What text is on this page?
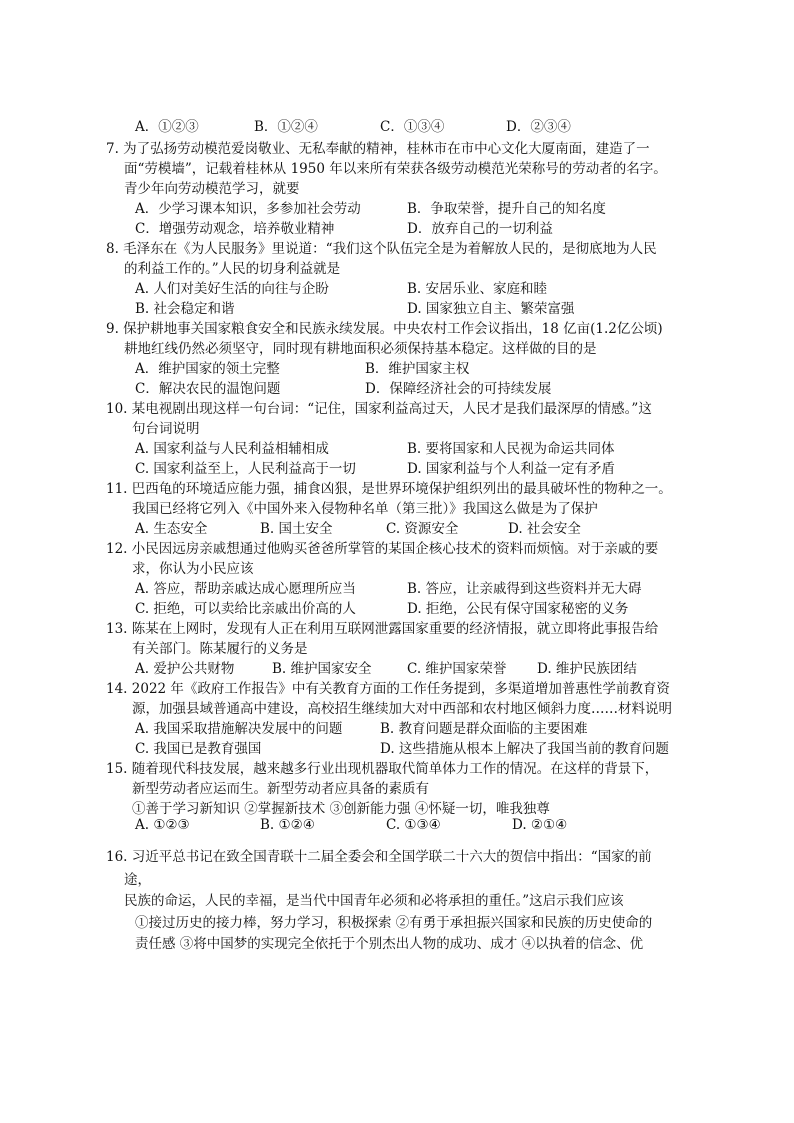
A．①②③	B．①②④	C．①③④	D．②③④
7. 为了弘扬劳动模范爱岗敬业、无私奉献的精神，桂林市在市中心文化大厦南面，建造了一
面“劳模墙”，记载着桂林从 1950 年以来所有荣获各级劳动模范光荣称号的劳动者的名字。
青少年向劳动模范学习，就要
A．少学习课本知识，多参加社会劳动	B．争取荣誉，提升自己的知名度
C．增强劳动观念，培养敬业精神	D．放弃自己的一切利益
8. 毛泽东在《为人民服务》里说道：“我们这个队伍完全是为着解放人民的，是彻底地为人民
的利益工作的。”人民的切身利益就是
A. 人们对美好生活的向往与企盼	B. 安居乐业、家庭和睦
B. 社会稳定和谐	D. 国家独立自主、繁荣富强
9. 保护耕地事关国家粮食安全和民族永续发展。中央农村工作会议指出，18 亿亩(1.2亿公顷)
耕地红线仍然必须坚守，同时现有耕地面积必须保持基本稳定。这样做的目的是
A．维护国家的领土完整	B．维护国家主权
C．解决农民的温饱问题	D．保障经济社会的可持续发展
10. 某电视剧出现这样一句台词：“记住，国家利益高过天，人民才是我们最深厚的情感。”这
句台词说明
A. 国家利益与人民利益相辅相成	B. 要将国家和人民视为命运共同体
C. 国家利益至上，人民利益高于一切	D. 国家利益与个人利益一定有矛盾
11. 巴西龟的环境适应能力强，捕食凶狠，是世界环境保护组织列出的最具破坏性的物种之一。
我国已经将它列入《中国外来入侵物种名单（第三批）》我国这么做是为了保护
A. 生态安全	B. 国土安全	C. 资源安全	D. 社会安全
12. 小民因远房亲戚想通过他购买爸爸所掌管的某国企核心技术的资料而烦恼。对于亲戚的要
求，你认为小民应该
A. 答应，帮助亲戚达成心愿理所应当	B. 答应，让亲戚得到这些资料并无大碍
C. 拒绝，可以卖给比亲戚出价高的人	D. 拒绝，公民有保守国家秘密的义务
13. 陈某在上网时，发现有人正在利用互联网泄露国家重要的经济情报，就立即将此事报告给
有关部门。陈某履行的义务是
A. 爱护公共财物	B. 维护国家安全	C. 维护国家荣誉 D. 维护民族团结
14. 2022 年《政府工作报告》中有关教育方面的工作任务提到，多渠道增加普惠性学前教育资
源，加强县域普通高中建设，高校招生继续加大对中西部和农村地区倾斜力度……材料说明
A. 我国采取措施解决发展中的问题	B. 教育问题是群众面临的主要困难
C. 我国已是教育强国	D. 这些措施从根本上解决了我国当前的教育问题
15. 随着现代科技发展，越来越多行业出现机器取代简单体力工作的情况。在这样的背景下，
新型劳动者应运而生。新型劳动者应具备的素质有
①善于学习新知识 ②掌握新技术 ③创新能力强 ④怀疑一切，唯我独尊
A. ①②③	B. ①②④	C. ①③④	D. ②①④
16. 习近平总书记在致全国青联十二届全委会和全国学联二十六大的贺信中指出：“国家的前
途，
民族的命运，人民的幸福，是当代中国青年必须和必将承担的重任。”这启示我们应该
①接过历史的接力棒，努力学习，积极探索 ②有勇于承担振兴国家和民族的历史使命的
责任感 ③将中国梦的实现完全依托于个别杰出人物的成功、成才 ④以执着的信念、优
